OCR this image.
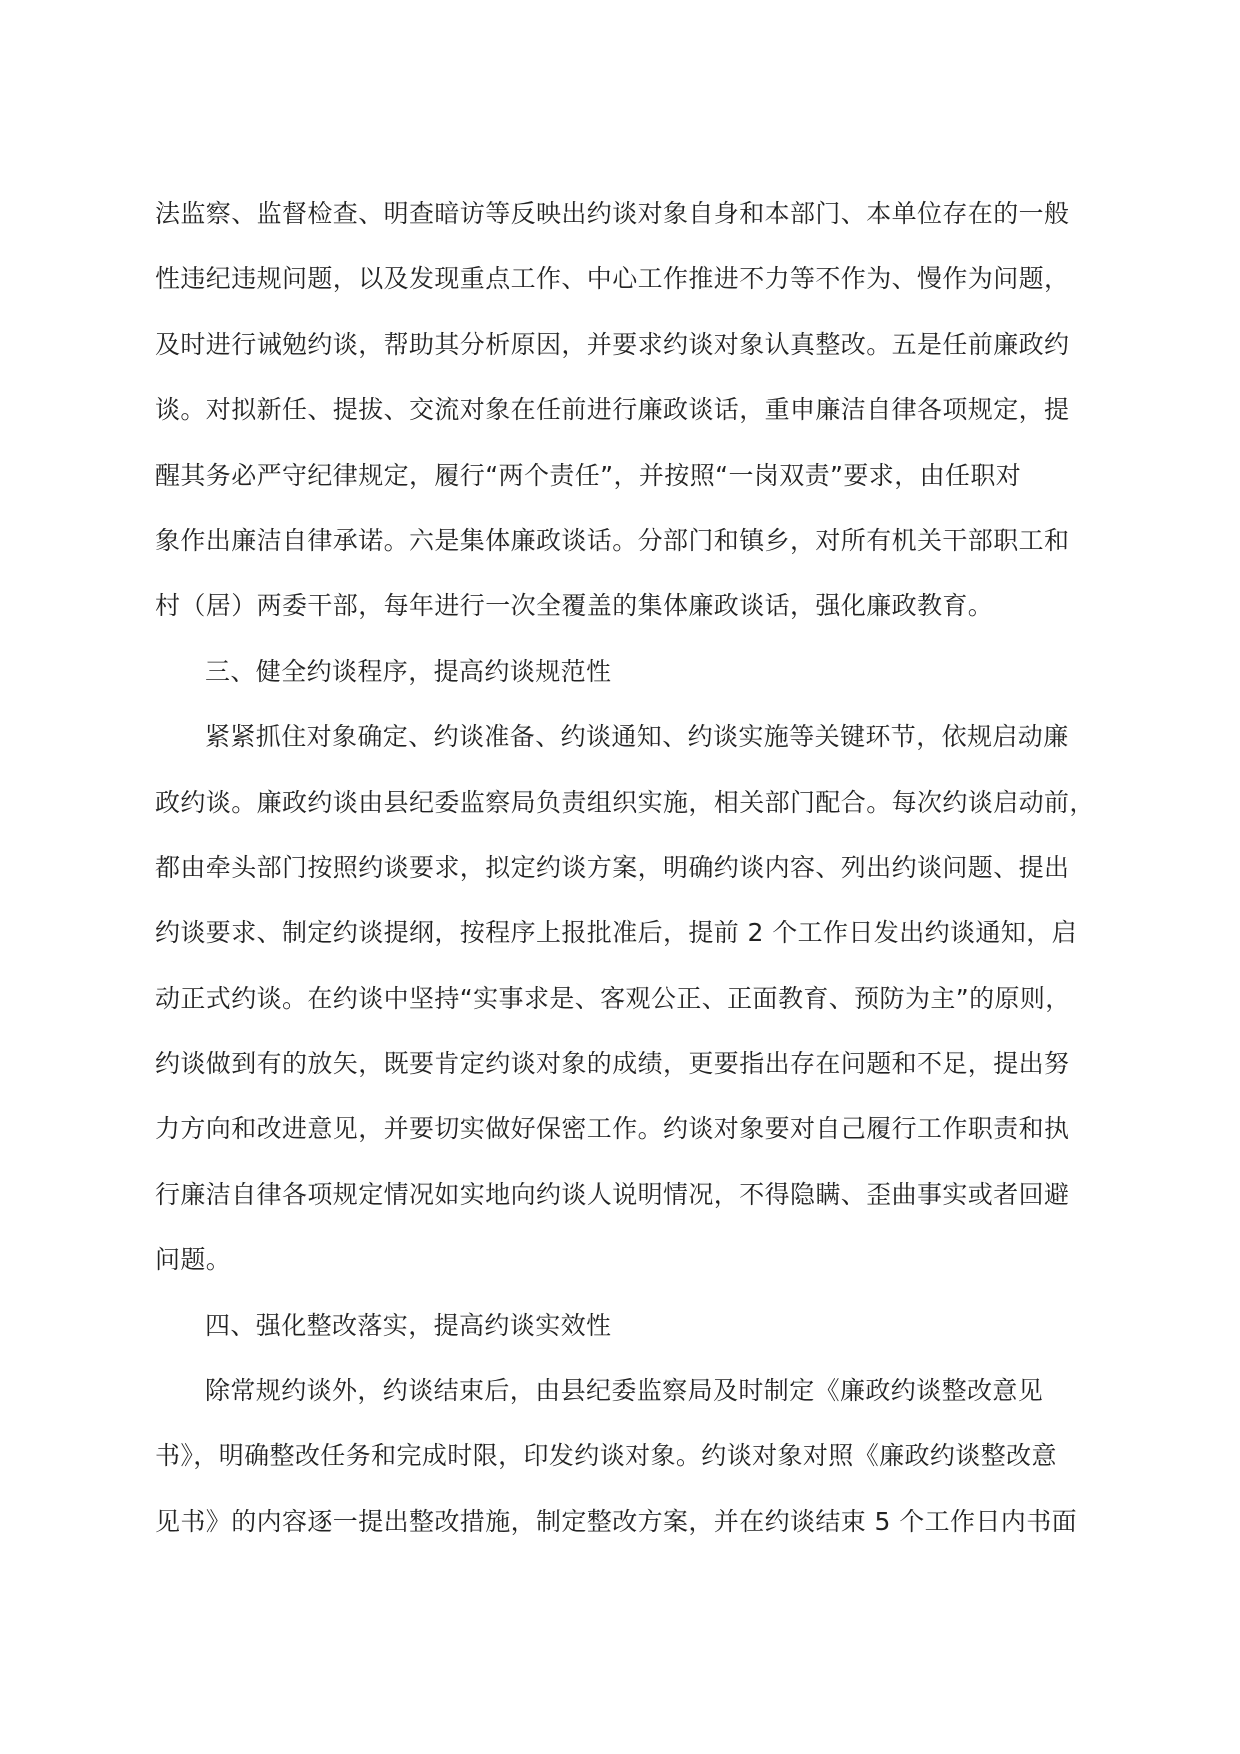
法监察、监督检查、明查暗访等反映出约谈对象自身和本部门、本单位存在的一般
性违纪违规问题，以及发现重点工作、中心工作推进不力等不作为、慢作为问题，
及时进行诫勉约谈，帮助其分析原因，并要求约谈对象认真整改。五是任前廉政约
谈。对拟新任、提拔、交流对象在任前进行廉政谈话，重申廉洁自律各项规定，提
醒其务必严守纪律规定，履行“两个责任”，并按照“一岗双责”要求，由任职对
象作出廉洁自律承诺。六是集体廉政谈话。分部门和镇乡，对所有机关干部职工和
村（居）两委干部，每年进行一次全覆盖的集体廉政谈话，强化廉政教育。
三、健全约谈程序，提高约谈规范性
紧紧抓住对象确定、约谈准备、约谈通知、约谈实施等关键环节，依规启动廉
政约谈。廉政约谈由县纪委监察局负责组织实施，相关部门配合。每次约谈启动前，
都由牵头部门按照约谈要求，拟定约谈方案，明确约谈内容、列出约谈问题、提出
约谈要求、制定约谈提纲，按程序上报批准后，提前 2 个工作日发出约谈通知，启
动正式约谈。在约谈中坚持“实事求是、客观公正、正面教育、预防为主”的原则，
约谈做到有的放矢，既要肯定约谈对象的成绩，更要指出存在问题和不足，提出努
力方向和改进意见，并要切实做好保密工作。约谈对象要对自己履行工作职责和执
行廉洁自律各项规定情况如实地向约谈人说明情况，不得隐瞒、歪曲事实或者回避
问题。
四、强化整改落实，提高约谈实效性
除常规约谈外，约谈结束后，由县纪委监察局及时制定《廉政约谈整改意见
书》，明确整改任务和完成时限，印发约谈对象。约谈对象对照《廉政约谈整改意
见书》的内容逐一提出整改措施，制定整改方案，并在约谈结束 5 个工作日内书面
